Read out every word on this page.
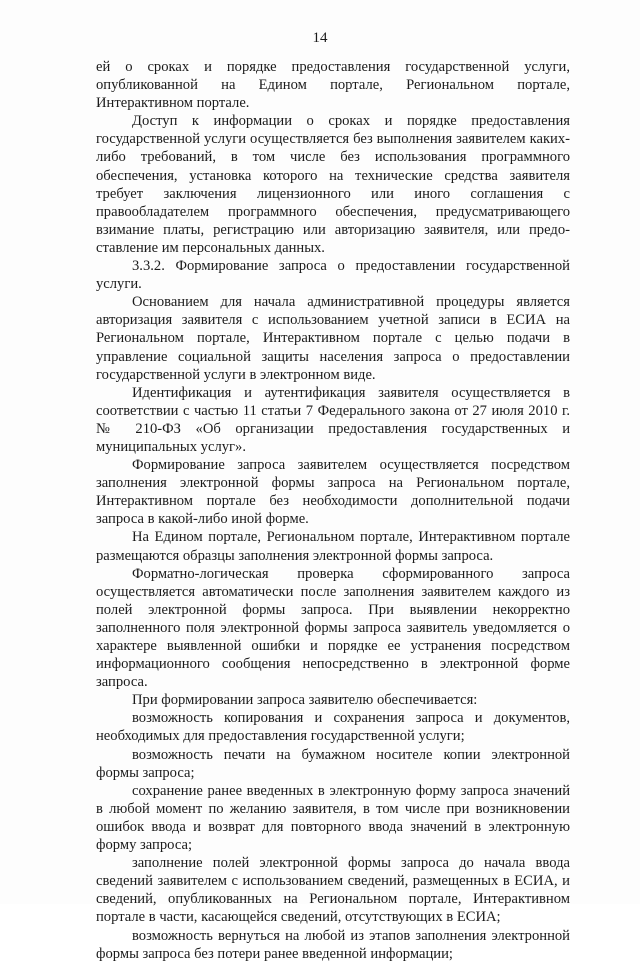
14

ей о сроках и порядке предоставления государственной услуги, опубликованной на Едином портале, Региональном портале, Интерактивном портале.

Доступ к информации о сроках и порядке предоставления государственной услуги осуществляется без выполнения заявителем каких-либо требований, в том числе без использования программного обеспечения, установка которого на технические средства заявителя требует заключения лицензионного или иного соглашения с правообладателем программного обеспечения, предусматривающего взимание платы, регистрацию или авторизацию заявителя, или предоставление им персональных данных.

3.3.2. Формирование запроса о предоставлении государственной услуги.

Основанием для начала административной процедуры является авторизация заявителя с использованием учетной записи в ЕСИА на Региональном портале, Интерактивном портале с целью подачи в управление социальной защиты населения запроса о предоставлении государственной услуги в электронном виде.

Идентификация и аутентификация заявителя осуществляется в соответствии с частью 11 статьи 7 Федерального закона от 27 июля 2010 г. № 210-ФЗ «Об организации предоставления государственных и муниципальных услуг».

Формирование запроса заявителем осуществляется посредством заполнения электронной формы запроса на Региональном портале, Интерактивном портале без необходимости дополнительной подачи запроса в какой-либо иной форме.

На Едином портале, Региональном портале, Интерактивном портале размещаются образцы заполнения электронной формы запроса.

Форматно-логическая проверка сформированного запроса осуществляется автоматически после заполнения заявителем каждого из полей электронной формы запроса. При выявлении некорректно заполненного поля электронной формы запроса заявитель уведомляется о характере выявленной ошибки и порядке ее устранения посредством информационного сообщения непосредственно в электронной форме запроса.

При формировании запроса заявителю обеспечивается:

возможность копирования и сохранения запроса и документов, необходимых для предоставления государственной услуги;

возможность печати на бумажном носителе копии электронной формы запроса;

сохранение ранее введенных в электронную форму запроса значений в любой момент по желанию заявителя, в том числе при возникновении ошибок ввода и возврат для повторного ввода значений в электронную форму запроса;

заполнение полей электронной формы запроса до начала ввода сведений заявителем с использованием сведений, размещенных в ЕСИА, и сведений, опубликованных на Региональном портале, Интерактивном портале в части, касающейся сведений, отсутствующих в ЕСИА;

возможность вернуться на любой из этапов заполнения электронной формы запроса без потери ранее введенной информации;
